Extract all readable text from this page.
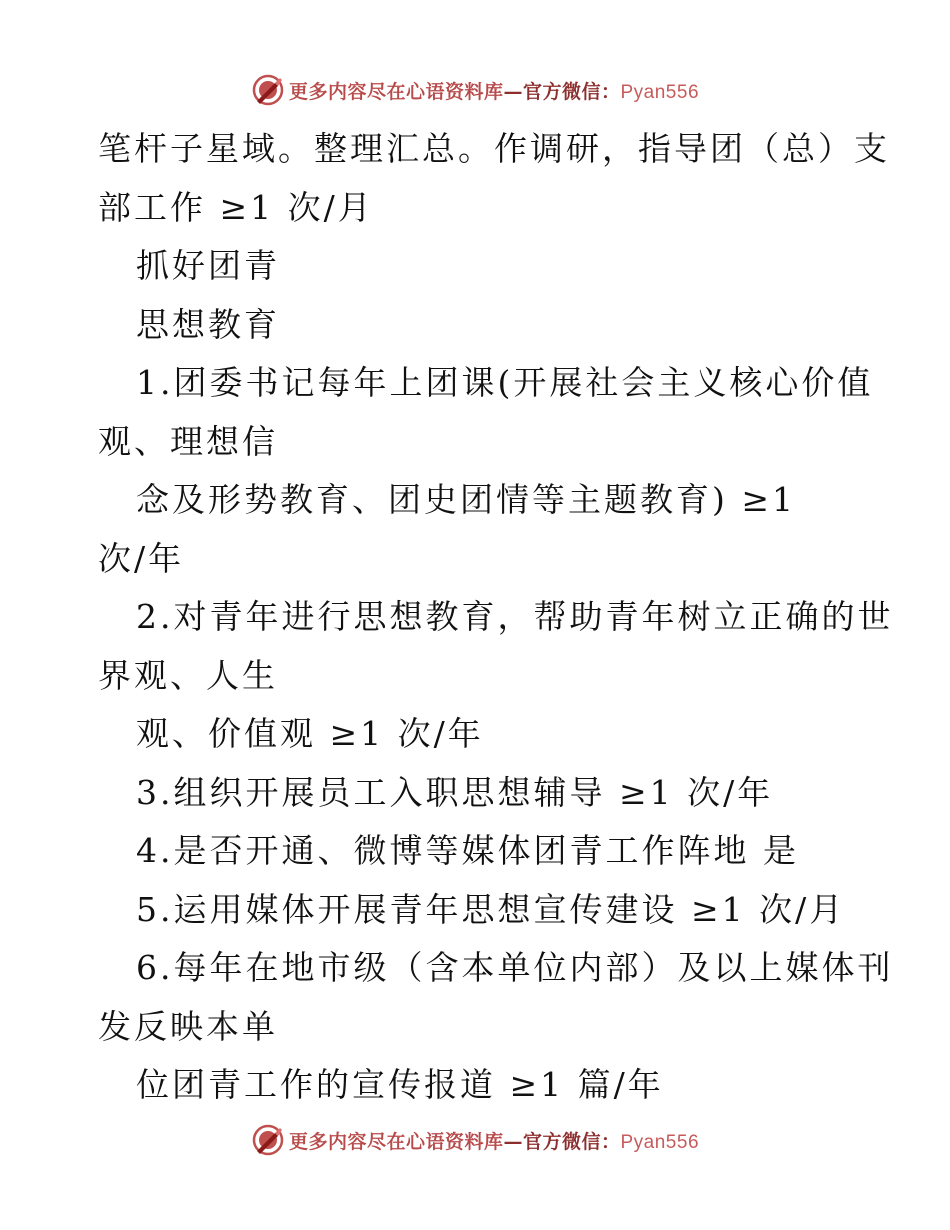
更多内容尽在心语资料库—官方微信：Pyan556
笔杆子星域。整理汇总。作调研，指导团（总）支
部工作 ≥1 次/月
抓好团青
思想教育
1.团委书记每年上团课(开展社会主义核心价值
观、理想信
念及形势教育、团史团情等主题教育) ≥1
次/年
2.对青年进行思想教育，帮助青年树立正确的世
界观、人生
观、价值观 ≥1 次/年
3.组织开展员工入职思想辅导 ≥1 次/年
4.是否开通、微博等媒体团青工作阵地 是
5.运用媒体开展青年思想宣传建设 ≥1 次/月
6.每年在地市级（含本单位内部）及以上媒体刊
发反映本单
位团青工作的宣传报道 ≥1 篇/年
更多内容尽在心语资料库—官方微信：Pyan556
